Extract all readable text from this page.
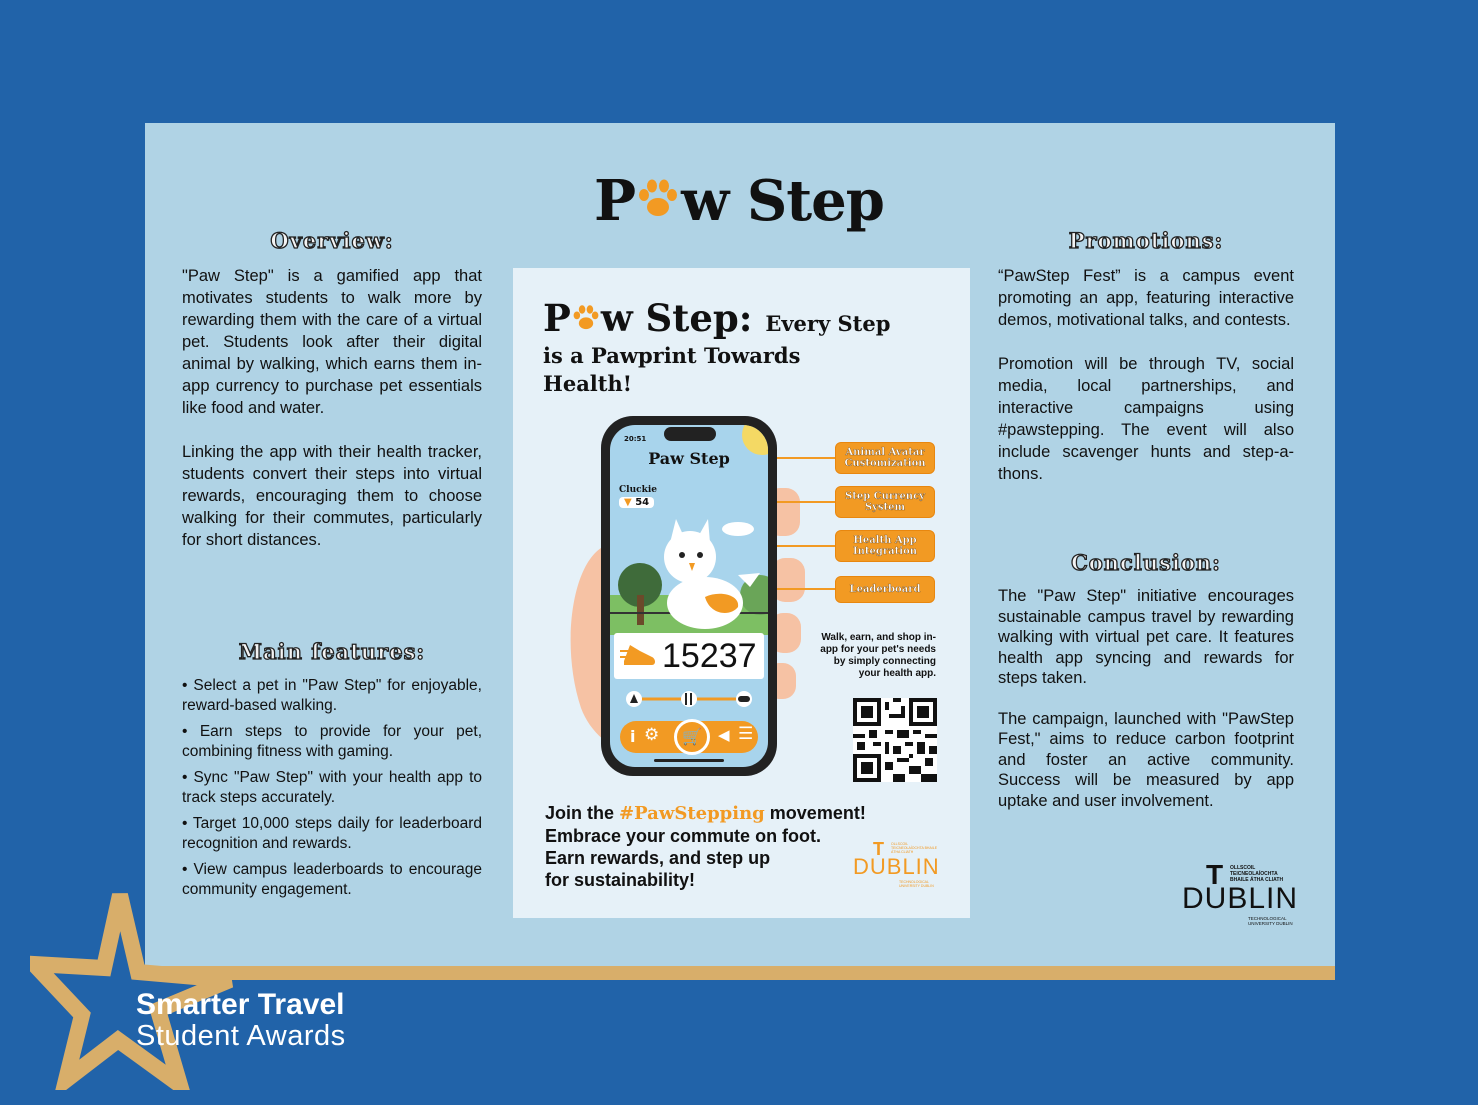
P w Step
Overview:

"Paw Step" is a gamified app that motivates students to walk more by rewarding them with the care of a virtual pet. Students look after their digital animal by walking, which earns them in-app currency to purchase pet essentials like food and water.

Linking the app with their health tracker, students convert their steps into virtual rewards, encouraging them to choose walking for their commutes, particularly for short distances.

Main features:
• Select a pet in "Paw Step" for enjoyable, reward-based walking.
• Earn steps to provide for your pet, combining fitness with gaming.
• Sync "Paw Step" with your health app to track steps accurately.
• Target 10,000 steps daily for leaderboard recognition and rewards.
• View campus leaderboards to encourage community engagement.
Promotions:

“PawStep Fest” is a campus event promoting an app, featuring interactive demos, motivational talks, and contests.

Promotion will be through TV, social media, local partnerships, and interactive campaigns using #pawstepping. The event will also include scavenger hunts and step-a-thons.

Conclusion:

The "Paw Step" initiative encourages sustainable campus travel by rewarding walking with virtual pet care. It features health app syncing and rewards for steps taken.

The campaign, launched with "PawStep Fest," aims to reduce carbon footprint and foster an active community. Success will be measured by app uptake and user involvement.

P w Step: Every Step
is a Pawprint Towards Health!
20:51
Paw Step
Cluckie
▼ 54
15237
i ⚙	🛒	◀ ☰
Animal Avatar Customization
Step Currency System
Health App Integration
Leaderboard
Walk, earn, and shop in-app for your pet's needs by simply connecting your health app.
Join the #PawStepping movement!
Embrace your commute on foot.
Earn rewards, and step up
for sustainability!
T OLLSCOIL TEICNEOLAÍOCHTA BHAILE ÁTHA CLIATH
DUBLIN
TECHNOLOGICAL UNIVERSITY DUBLIN	T OLLSCOIL TEICNEOLAÍOCHTA BHAILE ÁTHA CLIATH
DUBLIN
TECHNOLOGICAL UNIVERSITY DUBLIN
Smarter Travel
Student Awards
